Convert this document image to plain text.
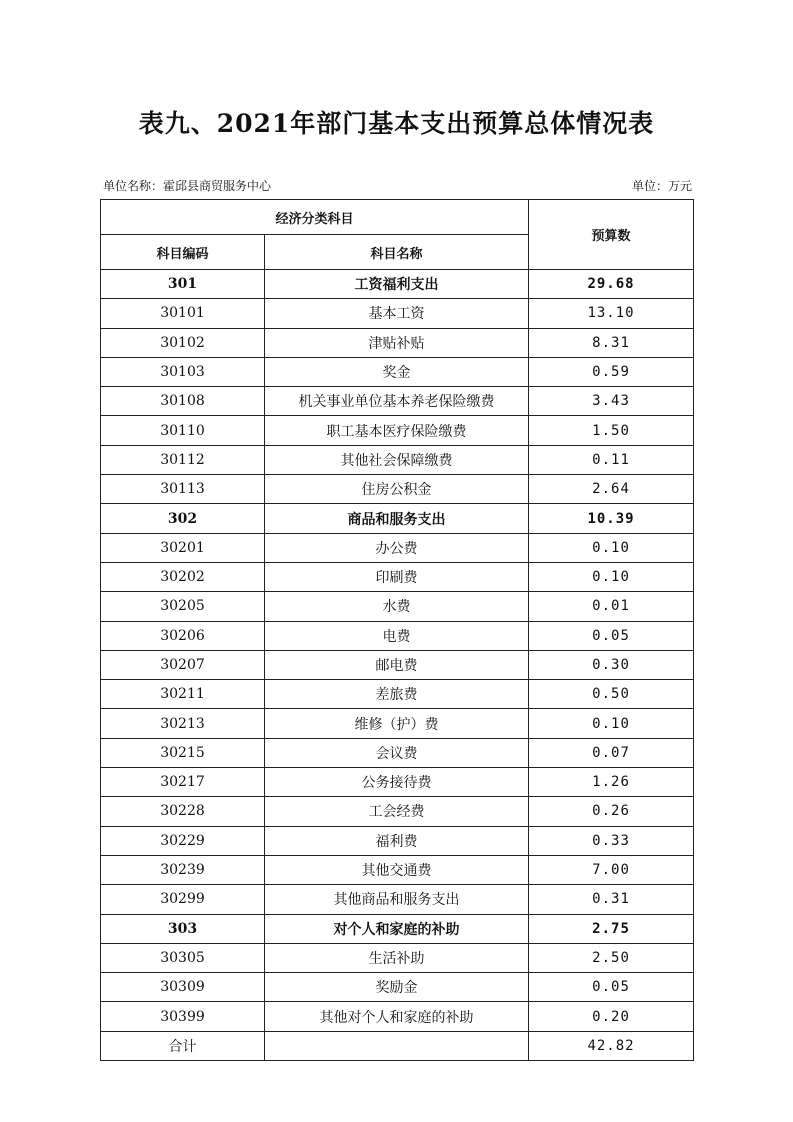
表九、2021年部门基本支出预算总体情况表
单位名称：霍邱县商贸服务中心	单位：万元
经济分类科目		预算数
科目编码	科目名称	
301	工资福利支出	29.68
30101	基本工资	13.10
30102	津贴补贴	8.31
30103	奖金	0.59
30108	机关事业单位基本养老保险缴费	3.43
30110	职工基本医疗保险缴费	1.50
30112	其他社会保障缴费	0.11
30113	住房公积金	2.64
302	商品和服务支出	10.39
30201	办公费	0.10
30202	印刷费	0.10
30205	水费	0.01
30206	电费	0.05
30207	邮电费	0.30
30211	差旅费	0.50
30213	维修（护）费	0.10
30215	会议费	0.07
30217	公务接待费	1.26
30228	工会经费	0.26
30229	福利费	0.33
30239	其他交通费	7.00
30299	其他商品和服务支出	0.31
303	对个人和家庭的补助	2.75
30305	生活补助	2.50
30309	奖励金	0.05
30399	其他对个人和家庭的补助	0.20
合计		42.82
